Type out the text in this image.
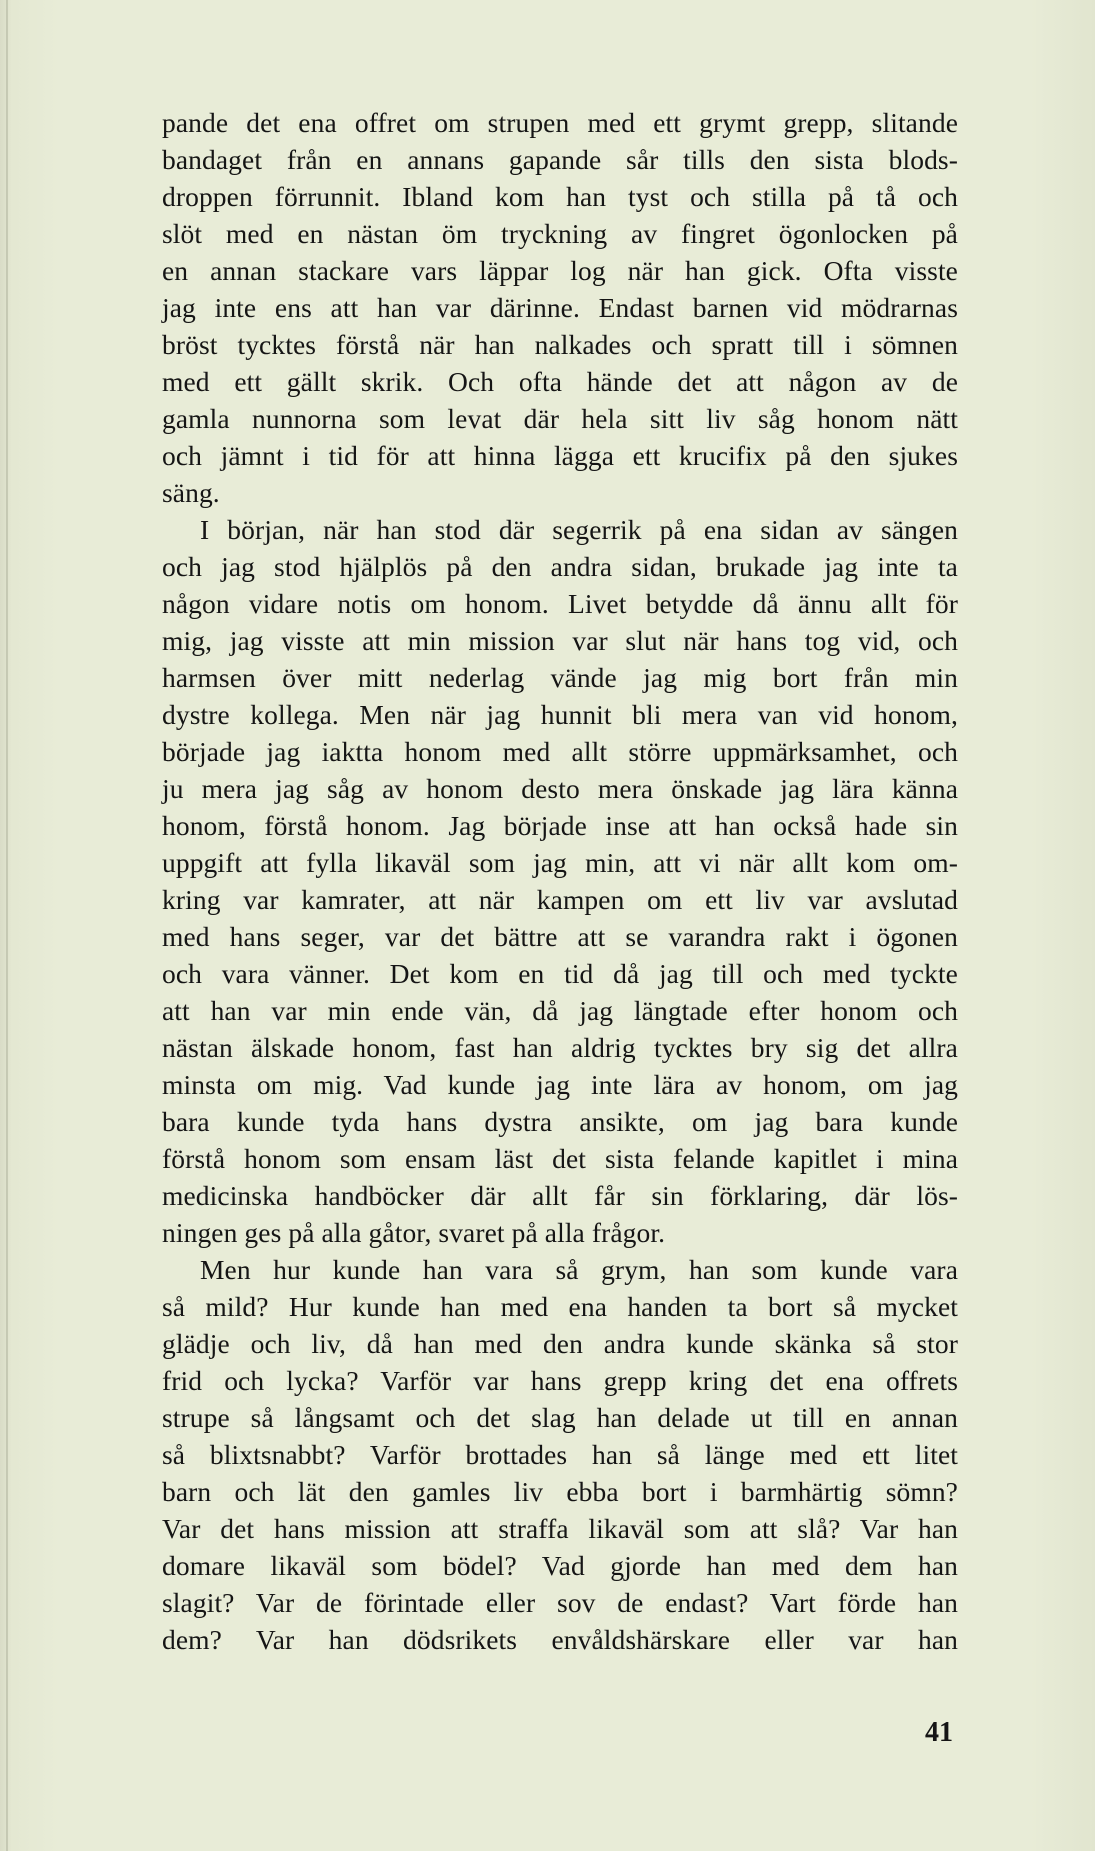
pande det ena offret om strupen med ett grymt grepp, slitande
bandaget från en annans gapande sår tills den sista blods-
droppen förrunnit. Ibland kom han tyst och stilla på tå och
slöt med en nästan öm tryckning av fingret ögonlocken på
en annan stackare vars läppar log när han gick. Ofta visste
jag inte ens att han var därinne. Endast barnen vid mödrarnas
bröst tycktes förstå när han nalkades och spratt till i sömnen
med ett gällt skrik. Och ofta hände det att någon av de
gamla nunnorna som levat där hela sitt liv såg honom nätt
och jämnt i tid för att hinna lägga ett krucifix på den sjukes
säng.
I början, när han stod där segerrik på ena sidan av sängen
och jag stod hjälplös på den andra sidan, brukade jag inte ta
någon vidare notis om honom. Livet betydde då ännu allt för
mig, jag visste att min mission var slut när hans tog vid, och
harmsen över mitt nederlag vände jag mig bort från min
dystre kollega. Men när jag hunnit bli mera van vid honom,
började jag iaktta honom med allt större uppmärksamhet, och
ju mera jag såg av honom desto mera önskade jag lära känna
honom, förstå honom. Jag började inse att han också hade sin
uppgift att fylla likaväl som jag min, att vi när allt kom om-
kring var kamrater, att när kampen om ett liv var avslutad
med hans seger, var det bättre att se varandra rakt i ögonen
och vara vänner. Det kom en tid då jag till och med tyckte
att han var min ende vän, då jag längtade efter honom och
nästan älskade honom, fast han aldrig tycktes bry sig det allra
minsta om mig. Vad kunde jag inte lära av honom, om jag
bara kunde tyda hans dystra ansikte, om jag bara kunde
förstå honom som ensam läst det sista felande kapitlet i mina
medicinska handböcker där allt får sin förklaring, där lös-
ningen ges på alla gåtor, svaret på alla frågor.
Men hur kunde han vara så grym, han som kunde vara
så mild? Hur kunde han med ena handen ta bort så mycket
glädje och liv, då han med den andra kunde skänka så stor
frid och lycka? Varför var hans grepp kring det ena offrets
strupe så långsamt och det slag han delade ut till en annan
så blixtsnabbt? Varför brottades han så länge med ett litet
barn och lät den gamles liv ebba bort i barmhärtig sömn?
Var det hans mission att straffa likaväl som att slå? Var han
domare likaväl som bödel? Vad gjorde han med dem han
slagit? Var de förintade eller sov de endast? Vart förde han
dem? Var han dödsrikets envåldshärskare eller var han
41
